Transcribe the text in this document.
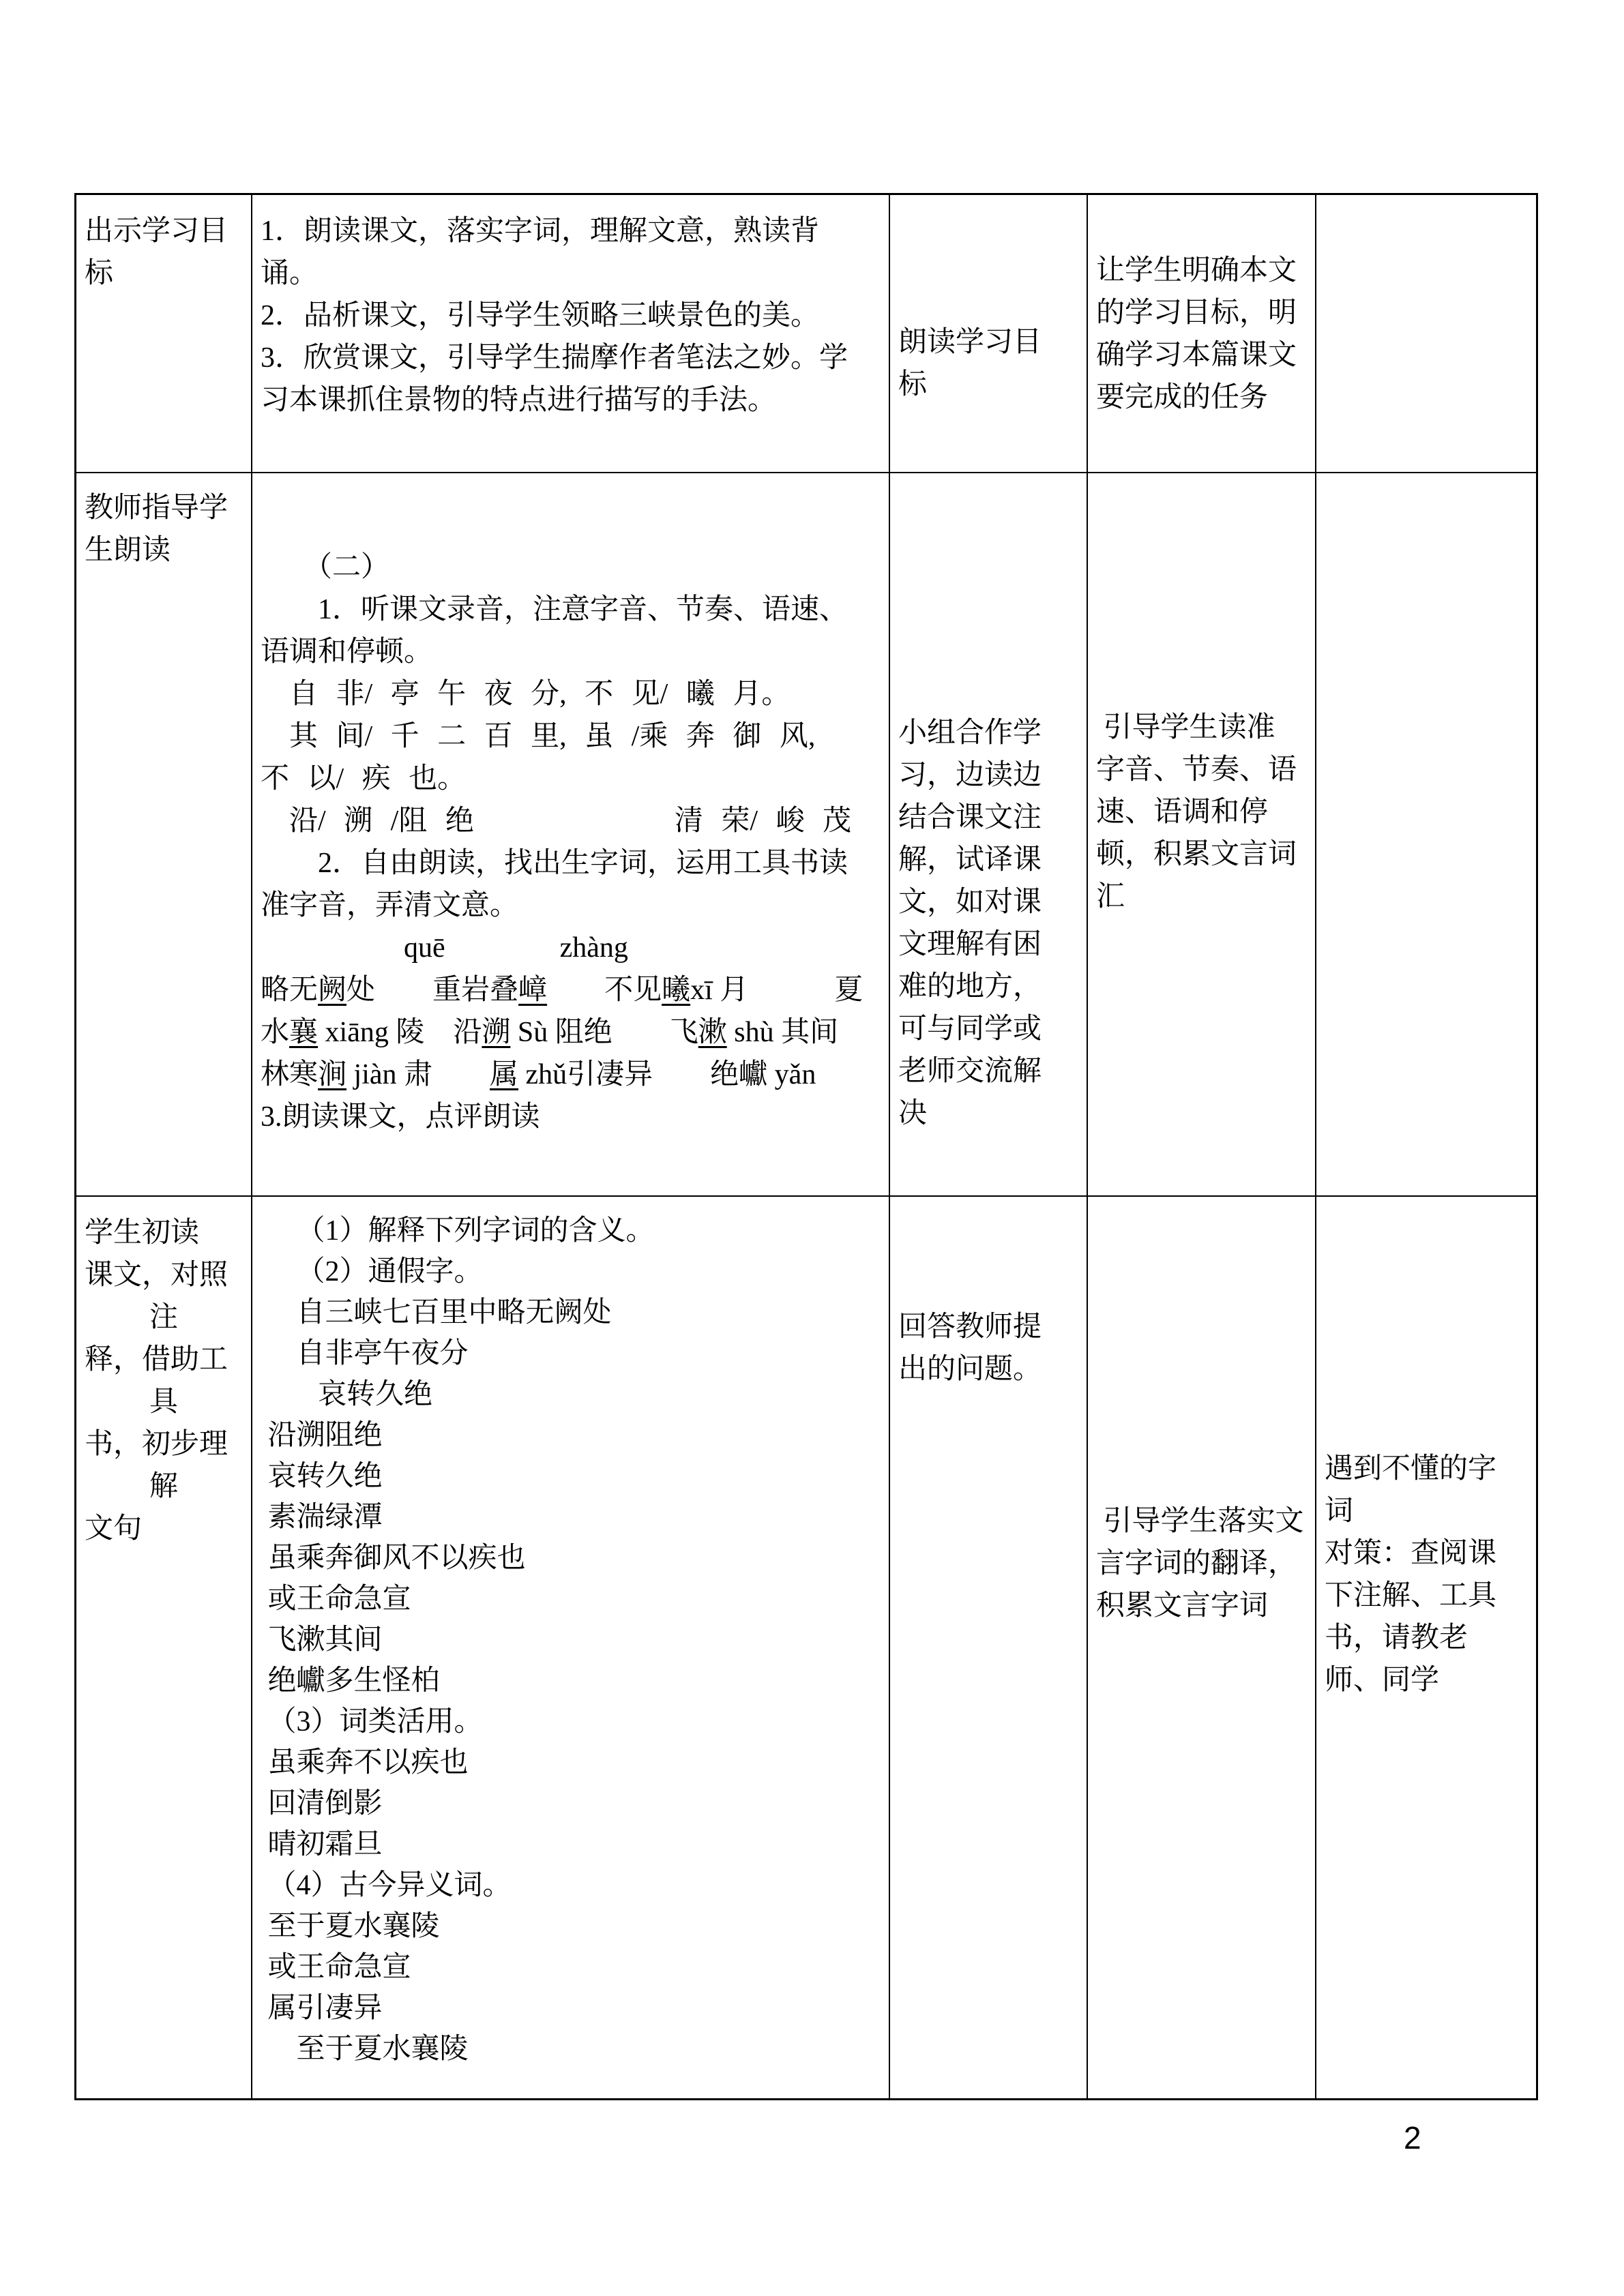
出示学习目
标
1．朗读课文，落实字词，理解文意，熟读背
诵。
2．品析课文，引导学生领略三峡景色的美。
3．欣赏课文，引导学生揣摩作者笔法之妙。学
习本课抓住景物的特点进行描写的手法。
朗读学习目
标
让学生明确本文
的学习目标，明
确学习本篇课文
要完成的任务
教师指导学
生朗读

　　（二）
　　1．听课文录音，注意字音、节奏、语速、
语调和停顿。
　自 非/ 亭 午 夜 分, 不 见/ 曦 月。
　其 间/ 千 二 百 里, 虽 /乘 奔 御 风,
不 以/ 疾 也。
　沿/ 溯 /阻 绝　　　　　　　清 荣/ 峻 茂
　　2．自由朗读，找出生字词，运用工具书读
准字音，弄清文意。
　　　　　quē　　　　zhàng
略无阙处　　重岩叠嶂　　不见曦xī 月　　　夏
水襄 xiāng 陵　沿溯 Sù 阻绝　　飞漱 shù 其间
林寒涧 jiàn 肃　　属 zhǔ引凄异　　绝巘 yǎn
3.朗读课文，点评朗读
小组合作学
习，边读边
结合课文注
解，试译课
文，如对课
文理解有困
难的地方，
可与同学或
老师交流解
决
引导学生读准
字音、节奏、语
速、语调和停
顿，积累文言词
汇
学生初读
课文，对照
注
释，借助工
具
书，初步理
解
文句
　 （1）解释下列字词的含义。
　 （2）通假字。
　 自三峡七百里中略无阙处
　 自非亭午夜分
　　哀转久绝
沿溯阻绝
哀转久绝
素湍绿潭
虽乘奔御风不以疾也
或王命急宣
飞漱其间
绝巘多生怪柏
（3）词类活用。
虽乘奔不以疾也
回清倒影
晴初霜旦
（4）古今异义词。
至于夏水襄陵
或王命急宣
属引凄异
　 至于夏水襄陵
回答教师提
出的问题。
引导学生落实文
言字词的翻译，
积累文言字词
遇到不懂的字
词
对策：查阅课
下注解、工具
书，请教老
师、同学
2
